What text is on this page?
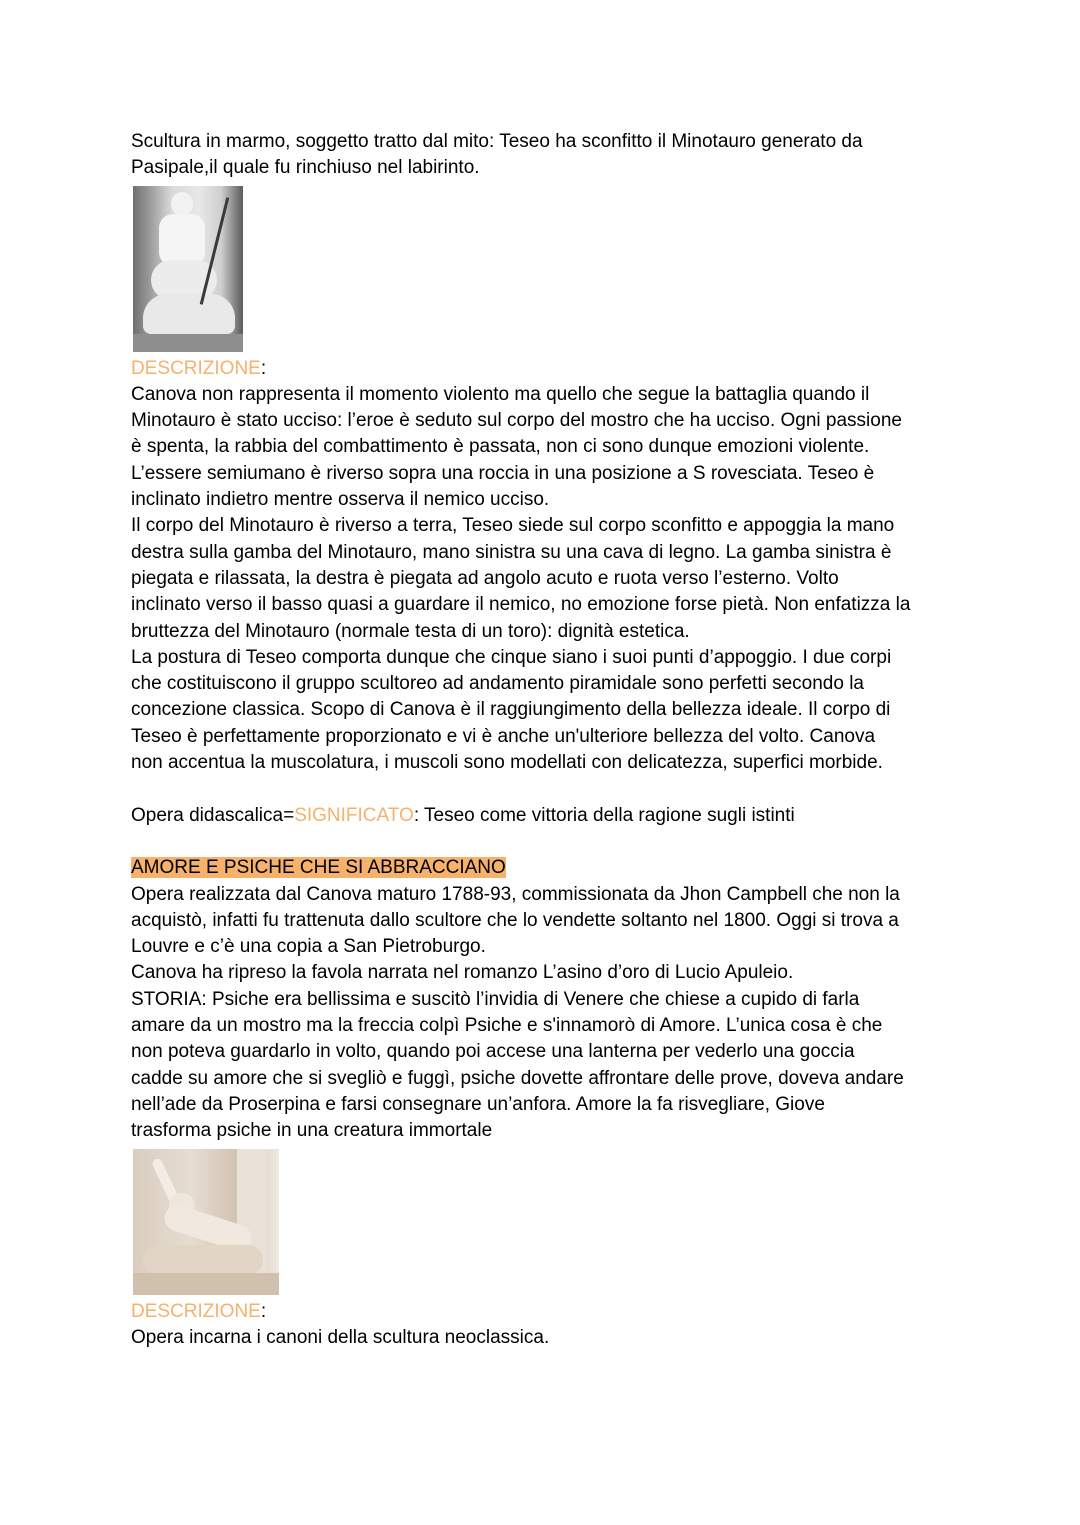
Scultura in marmo, soggetto tratto dal mito: Teseo ha sconfitto il Minotauro generato da

Pasipale,il quale fu rinchiuso nel labirinto.

DESCRIZIONE:

Canova non rappresenta il momento violento ma quello che segue la battaglia quando il

Minotauro è stato ucciso: l’eroe è seduto sul corpo del mostro che ha ucciso. Ogni passione

è spenta, la rabbia del combattimento è passata, non ci sono dunque emozioni violente.

L’essere semiumano è riverso sopra una roccia in una posizione a S rovesciata. Teseo è

inclinato indietro mentre osserva il nemico ucciso.

Il corpo del Minotauro è riverso a terra, Teseo siede sul corpo sconfitto e appoggia la mano

destra sulla gamba del Minotauro, mano sinistra su una cava di legno. La gamba sinistra è

piegata e rilassata, la destra è piegata ad angolo acuto e ruota verso l’esterno. Volto

inclinato verso il basso quasi a guardare il nemico, no emozione forse pietà. Non enfatizza la

bruttezza del Minotauro (normale testa di un toro): dignità estetica.

La postura di Teseo comporta dunque che cinque siano i suoi punti d’appoggio. I due corpi

che costituiscono il gruppo scultoreo ad andamento piramidale sono perfetti secondo la

concezione classica. Scopo di Canova è il raggiungimento della bellezza ideale. Il corpo di

Teseo è perfettamente proporzionato e vi è anche un'ulteriore bellezza del volto. Canova

non accentua la muscolatura, i muscoli sono modellati con delicatezza, superfici morbide.

Opera didascalica=SIGNIFICATO: Teseo come vittoria della ragione sugli istinti

AMORE E PSICHE CHE SI ABBRACCIANO

Opera realizzata dal Canova maturo 1788-93, commissionata da Jhon Campbell che non la

acquistò, infatti fu trattenuta dallo scultore che lo vendette soltanto nel 1800. Oggi si trova a

Louvre e c’è una copia a San Pietroburgo.

Canova ha ripreso la favola narrata nel romanzo L’asino d’oro di Lucio Apuleio.

STORIA: Psiche era bellissima e suscitò l’invidia di Venere che chiese a cupido di farla

amare da un mostro ma la freccia colpì Psiche e s'innamorò di Amore. L’unica cosa è che

non poteva guardarlo in volto, quando poi accese una lanterna per vederlo una goccia

cadde su amore che si svegliò e fuggì, psiche dovette affrontare delle prove, doveva andare

nell’ade da Proserpina e farsi consegnare un’anfora. Amore la fa risvegliare, Giove

trasforma psiche in una creatura immortale

DESCRIZIONE:

Opera incarna i canoni della scultura neoclassica.
